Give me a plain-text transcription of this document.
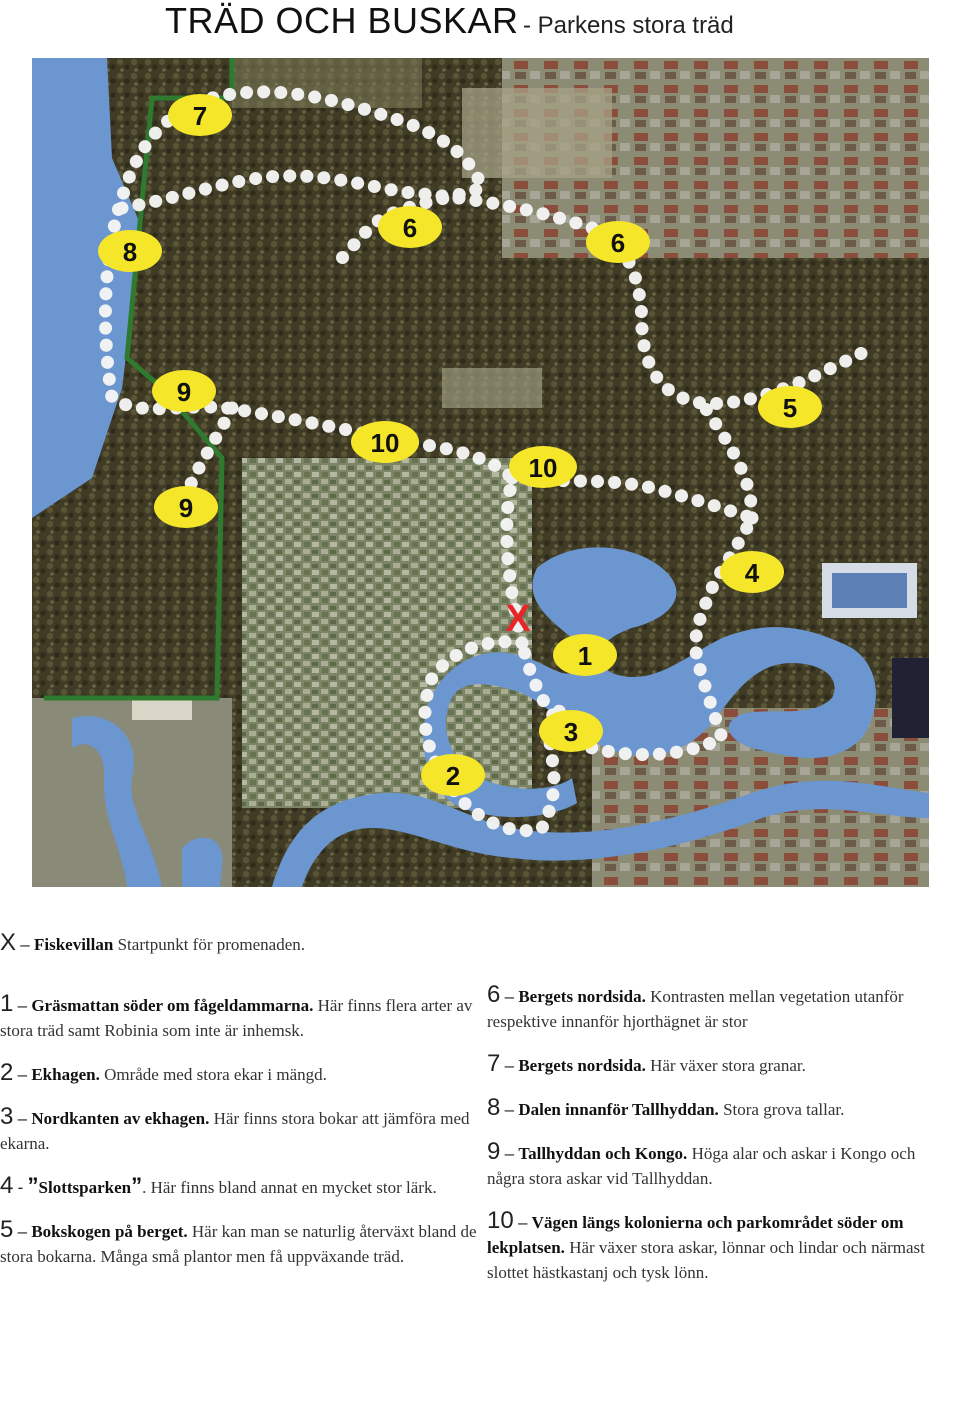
TRÄD OCH BUSKAR - Parkens stora träd
X
7
6	6
8
9
9
10
10
5
4
1
3
2
X – Fiskevillan Startpunkt för promenaden.
1 – Gräsmattan söder om fågeldammarna. Här finns flera arter av stora träd samt Robinia som inte är inhemsk.
2 – Ekhagen. Område med stora ekar i mängd.
3 – Nordkanten av ekhagen. Här finns stora bokar att jämföra med ekarna.
4 - ”Slottsparken”. Här finns bland annat en mycket stor lärk.
5 – Bokskogen på berget. Här kan man se naturlig återväxt bland de stora bokarna. Många små plantor men få uppväxande träd.
6 – Bergets nordsida. Kontrasten mellan vegetation utanför respektive innanför hjorthägnet är stor
7 – Bergets nordsida. Här växer stora granar.
8 – Dalen innanför Tallhyddan. Stora grova tallar.
9 – Tallhyddan och Kongo. Höga alar och askar i Kongo och några stora askar vid Tallhyddan.
10 – Vägen längs kolonierna och parkområdet söder om lekplatsen. Här växer stora askar, lönnar och lindar och närmast slottet hästkastanj och tysk lönn.
